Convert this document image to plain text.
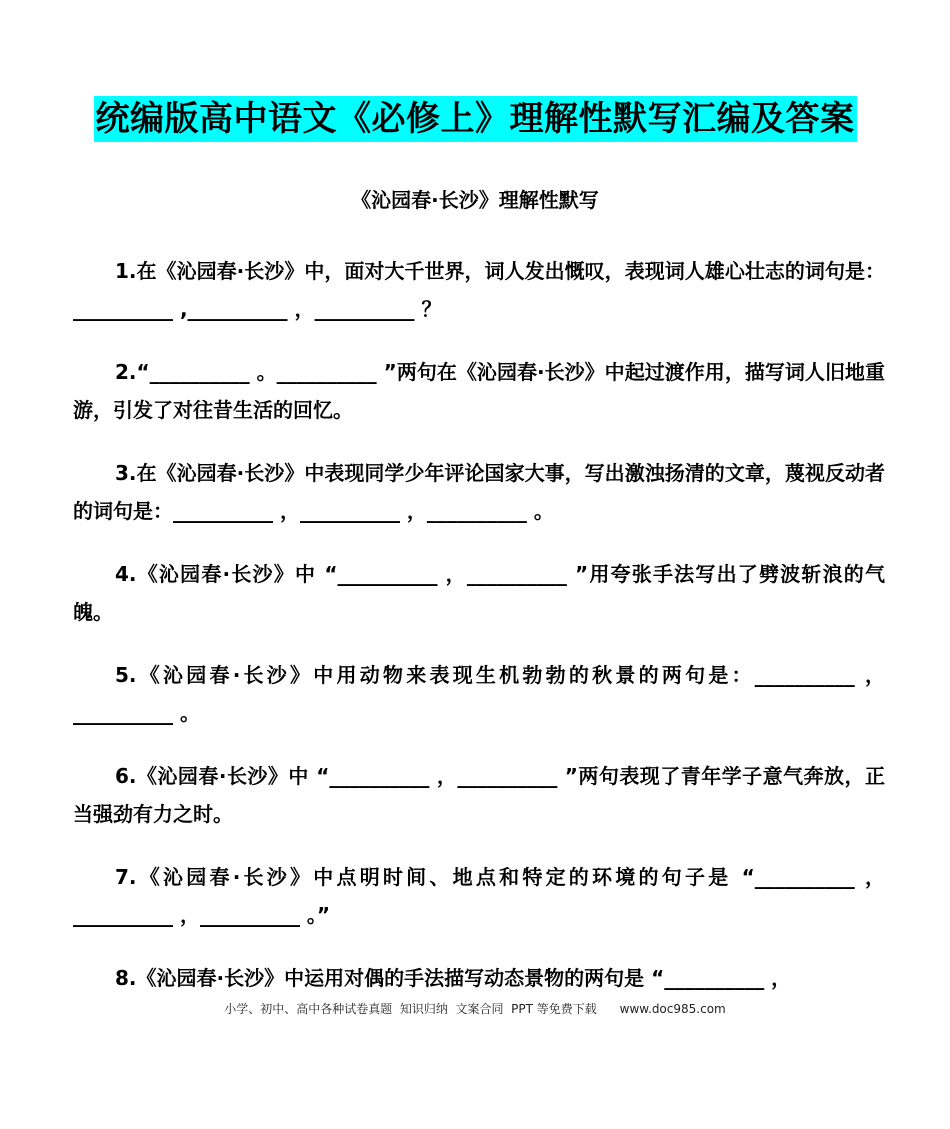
统编版高中语文《必修上》理解性默写汇编及答案
《沁园春·长沙》理解性默写

1.在《沁园春·长沙》中，面对大千世界，词人发出慨叹，表现词人雄心壮志的词句是：__________ ,__________ ，__________ ？

2.“__________ 。__________ ”两句在《沁园春·长沙》中起过渡作用，描写词人旧地重游，引发了对往昔生活的回忆。

3.在《沁园春·长沙》中表现同学少年评论国家大事，写出激浊扬清的文章，蔑视反动者的词句是：__________ ，__________ ，__________ 。

4.《沁园春·长沙》中 “__________ ，__________ ”用夸张手法写出了劈波斩浪的气魄。

5.《沁园春·长沙》中用动物来表现生机勃勃的秋景的两句是：__________ ，__________ 。

6.《沁园春·长沙》中 “__________ ，__________ ”两句表现了青年学子意气奔放，正当强劲有力之时。

7.《沁园春·长沙》中点明时间、地点和特定的环境的句子是 “__________ ，__________ ，__________ 。”

8.《沁园春·长沙》中运用对偶的手法描写动态景物的两句是 “__________ ，

小学、初中、高中各种试卷真题  知识归纳  文案合同  PPT 等免费下载      www.doc985.com
